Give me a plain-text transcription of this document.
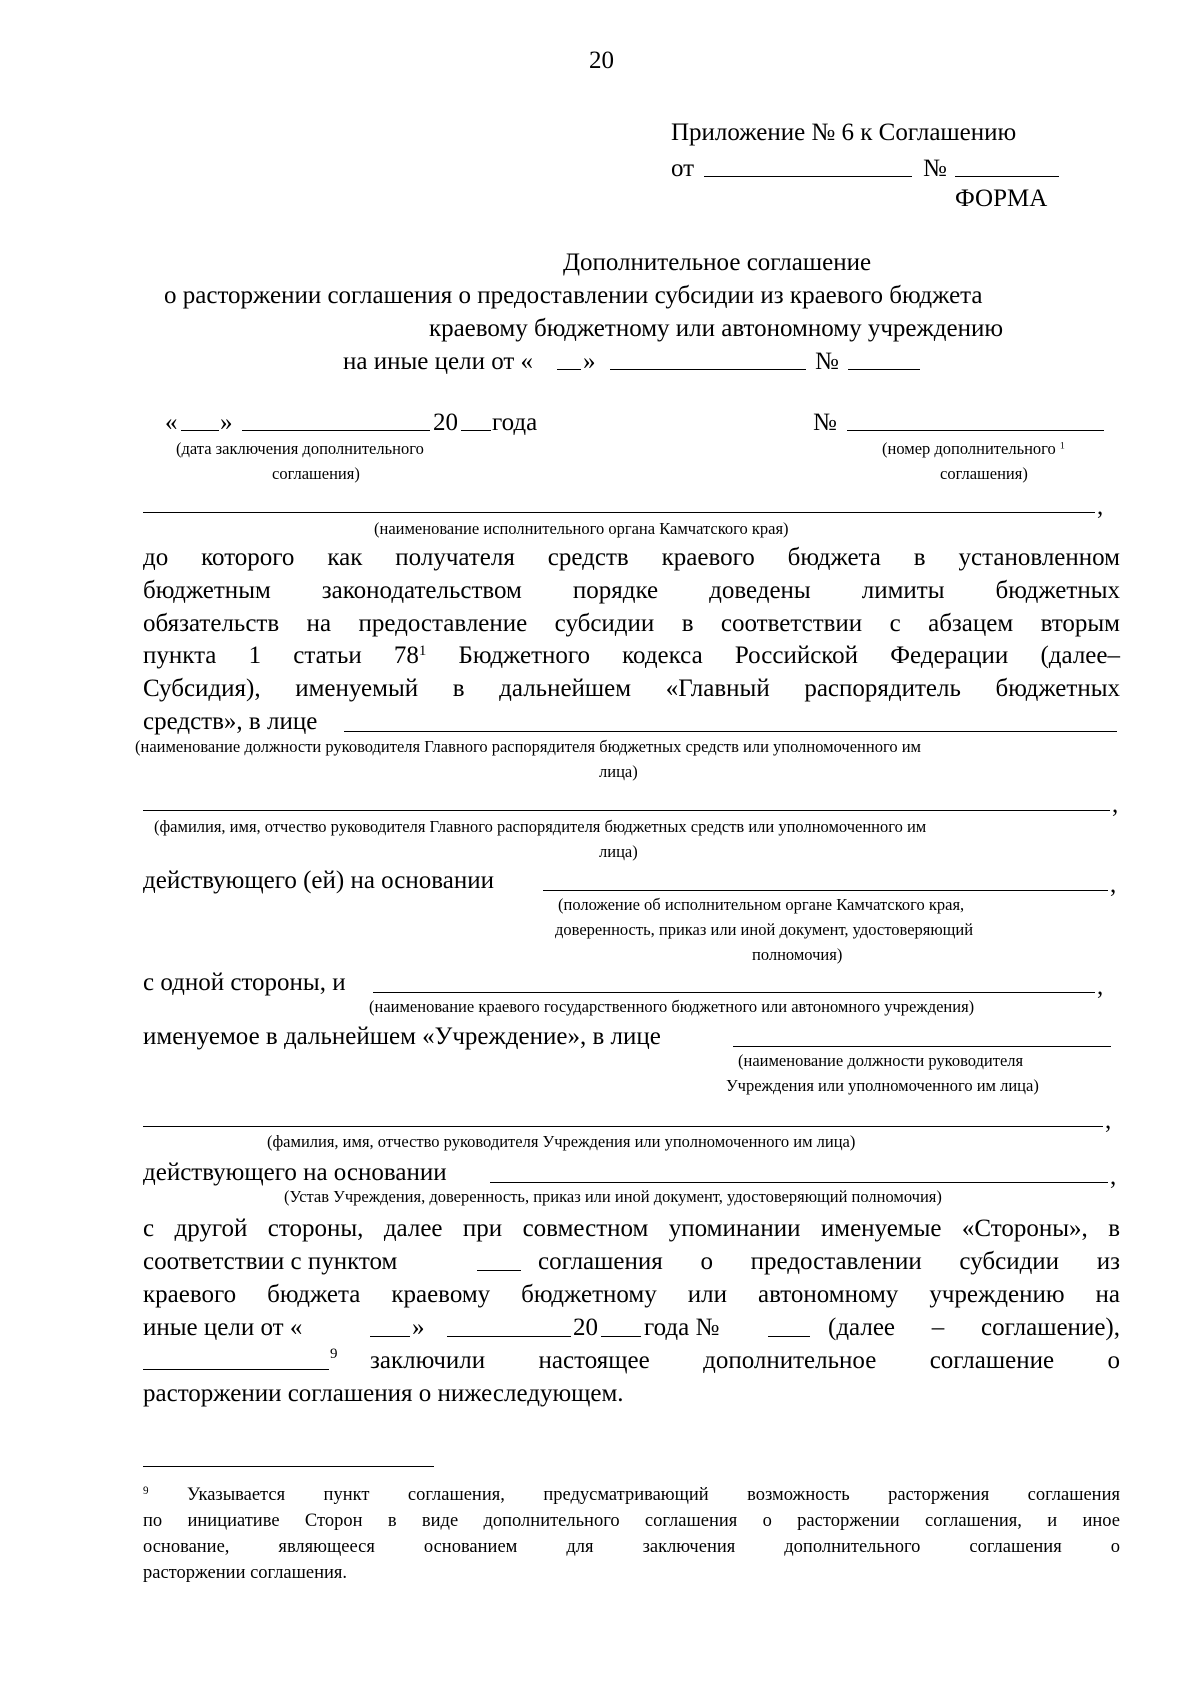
20
Приложение № 6 к Соглашению
от	№
ФОРМА
Дополнительное соглашение
о расторжении соглашения о предоставлении субсидии из краевого бюджета
краевому бюджетному или автономному учреждению
на иные цели от « »	№
« »	20 года	№
(дата заключения дополнительного
соглашения)
(номер дополнительного $^1$
соглашения)
,
(наименование исполнительного органа Камчатского края)
до которого как получателя средств краевого бюджета в установленном
бюджетным законодательством порядке доведены лимиты бюджетных
обязательств на предоставление субсидии в соответствии с абзацем вторым
пункта 1 статьи $78^1$ Бюджетного кодекса Российской Федерации (далее–
Субсидия), именуемый в дальнейшем «Главный распорядитель бюджетных
средств», в лице
(наименование должности руководителя Главного распорядителя бюджетных средств или уполномоченного им
лица)
,
(фамилия, имя, отчество руководителя Главного распорядителя бюджетных средств или уполномоченного им
лица)
действующего (ей) на основании	,
(положение об исполнительном органе Камчатского края,
доверенность, приказ или иной документ, удостоверяющий
полномочия)
с одной стороны, и	,
(наименование краевого государственного бюджетного или автономного учреждения)
именуемое в дальнейшем «Учреждение», в лице
(наименование должности руководителя
Учреждения или уполномоченного им лица)
,
(фамилия, имя, отчество руководителя Учреждения или уполномоченного им лица)
действующего на основании	,
(Устав Учреждения, доверенность, приказ или иной документ, удостоверяющий полномочия)
с другой стороны, далее при совместном упоминании именуемые «Стороны», в
соответствии с пунктом	соглашения о предоставлении субсидии из
краевого бюджета краевому бюджетному или автономному учреждению на
иные цели от «	»	20 года №	(далее – соглашение),
$^9$ заключили настоящее дополнительное соглашение о
расторжении соглашения о нижеследующем.
$^9$ Указывается пункт соглашения, предусматривающий возможность расторжения соглашения
по инициативе Сторон в виде дополнительного соглашения о расторжении соглашения, и иное
основание, являющееся основанием для заключения дополнительного соглашения о
расторжении соглашения.
